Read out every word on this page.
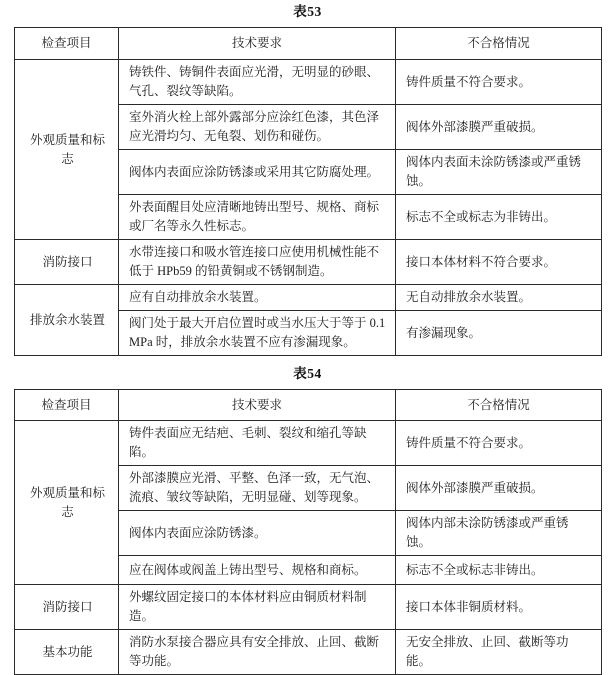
表53
检查项目	技术要求	不合格情况
外观质量和标志	铸铁件、铸铜件表面应光滑，无明显的砂眼、气孔、裂纹等缺陷。	铸件质量不符合要求。
	室外消火栓上部外露部分应涂红色漆，其色泽应光滑均匀、无龟裂、划伤和碰伤。	阀体外部漆膜严重破损。
	阀体内表面应涂防锈漆或采用其它防腐处理。	阀体内表面未涂防锈漆或严重锈蚀。
	外表面醒目处应清晰地铸出型号、规格、商标或厂名等永久性标志。	标志不全或标志为非铸出。
消防接口	水带连接口和吸水管连接口应使用机械性能不低于 HPb59 的铅黄铜或不锈钢制造。	接口本体材料不符合要求。
排放余水装置	应有自动排放余水装置。	无自动排放余水装置。
	阀门处于最大开启位置时或当水压大于等于 0.1 MPa 时，排放余水装置不应有渗漏现象。	有渗漏现象。
表54
检查项目	技术要求	不合格情况
外观质量和标志	铸件表面应无结疤、毛刺、裂纹和缩孔等缺陷。	铸件质量不符合要求。
	外部漆膜应光滑、平整、色泽一致，无气泡、流痕、皱纹等缺陷，无明显碰、划等现象。	阀体外部漆膜严重破损。
	阀体内表面应涂防锈漆。	阀体内部未涂防锈漆或严重锈蚀。
	应在阀体或阀盖上铸出型号、规格和商标。	标志不全或标志非铸出。
消防接口	外螺纹固定接口的本体材料应由铜质材料制造。	接口本体非铜质材料。
基本功能	消防水泵接合器应具有安全排放、止回、截断等功能。	无安全排放、止回、截断等功能。
